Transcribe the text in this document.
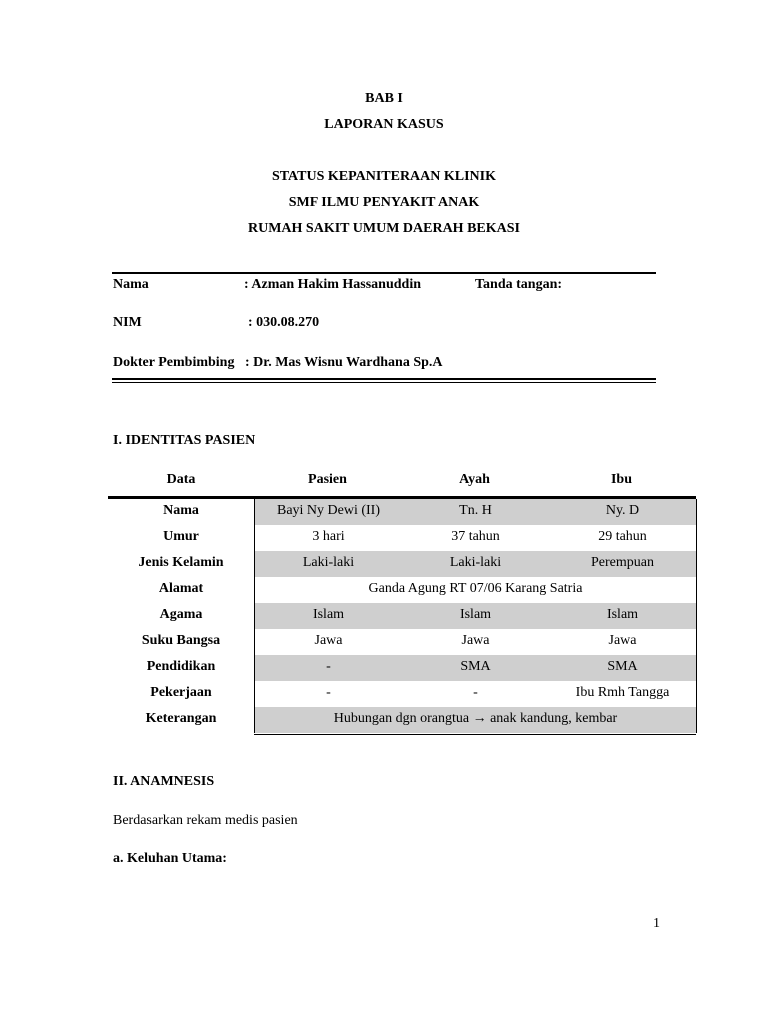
BAB I
LAPORAN KASUS
STATUS KEPANITERAAN KLINIK
SMF ILMU PENYAKIT ANAK
RUMAH SAKIT UMUM DAERAH BEKASI
Nama	: Azman Hakim Hassanuddin	Tanda tangan:
NIM	: 030.08.270
Dokter Pembimbing : Dr. Mas Wisnu Wardhana Sp.A
I. IDENTITAS PASIEN
Data	Pasien	Ayah	Ibu
Nama	Bayi Ny Dewi (II)	Tn. H	Ny. D
Umur	3 hari	37 tahun	29 tahun
Jenis Kelamin	Laki-laki	Laki-laki	Perempuan
Alamat	Ganda Agung RT 07/06 Karang Satria
Agama	Islam	Islam	Islam
Suku Bangsa	Jawa	Jawa	Jawa
Pendidikan	-	SMA	SMA
Pekerjaan	-	-	Ibu Rmh Tangga
Keterangan	Hubungan dgn orangtua → anak kandung, kembar
II. ANAMNESIS
Berdasarkan rekam medis pasien
a. Keluhan Utama:
1
